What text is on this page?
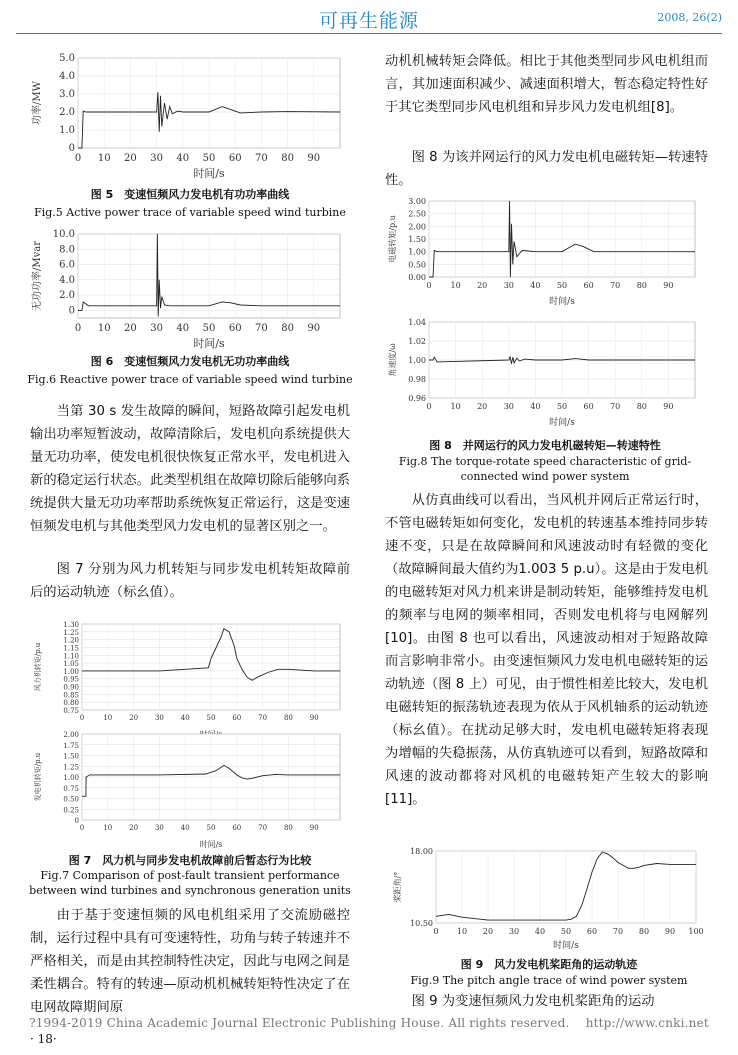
可再生能源	2008, 26(2)
0
1.0
2.0
3.0
4.0
5.0
0 10 20 30 40 50 60 70 80 90
时间/s
功率/MW
图 5　变速恒频风力发电机有功功率曲线
Fig.5 Active power trace of variable speed wind turbine
0
2.0
4.0
6.0
8.0
10.0
0 10 20 30 40 50 60 70 80 90
时间/s
无功功率/Mvar
图 6　变速恒频风力发电机无功功率曲线
Fig.6 Reactive power trace of variable speed wind turbine
当第 30 s 发生故障的瞬间，短路故障引起发电机输出功率短暂波动，故障清除后，发电机向系统提供大量无功功率，使发电机很快恢复正常水平，发电机进入新的稳定运行状态。此类型机组在故障切除后能够向系统提供大量无功功率帮助系统恢复正常运行，这是变速恒频发电机与其他类型风力发电机的显著区别之一。
图 7 分别为风力机转矩与同步发电机转矩故障前后的运动轨迹（标幺值）。
0.75
0.80
0.85
0.90
0.95
1.00
1.05
1.10
1.15
1.20
1.25
1.30
0	10 20 30 40 50 60 70 80 90
风力机转矩/p.u
0
0.25
0.50
0.75
1.00
1.25
1.50
1.75
2.00
0	10 20 30 40 50 60 70 80 90
时间/s
发电机转矩/p.u
图 7　风力机与同步发电机故障前后暂态行为比较
Fig.7 Comparison of post-fault transient performance
between wind turbines and synchronous generation units
由于基于变速恒频的风电机组采用了交流励磁控制，运行过程中具有可变速特性，功角与转子转速并不严格相关，而是由其控制特性决定，因此与电网之间是柔性耦合。特有的转速—原动机机械转矩特性决定了在电网故障期间原
动机机械转矩会降低。相比于其他类型同步风电机组而言，其加速面积减少、减速面积增大，暂态稳定特性好于其它类型同步风电机组和异步风力发电机组[8]。
图 8 为该并网运行的风力发电机电磁转矩—转速特性。
0.00
0.50
1.00
1.50
2.00
2.50
3.00
0 10 20 30 40 50 60 70 80 90
时间/s
电磁转矩/p.u
0.96
0.98
1.00
1.02
1.04
0 10 20 30 40 50 60 70 80 90
时间/s
角速度/ω
图 8　并网运行的风力发电机磁转矩—转速特性
Fig.8 The torque-rotate speed characteristic of grid-
connected wind power system
从仿真曲线可以看出，当风机并网后正常运行时，不管电磁转矩如何变化，发电机的转速基本维持同步转速不变，只是在故障瞬间和风速波动时有轻微的变化（故障瞬间最大值约为1.003 5 p.u）。这是由于发电机的电磁转矩对风力机来讲是制动转矩，能够维持发电机的频率与电网的频率相同，否则发电机将与电网解列[10]。由图 8 也可以看出，风速波动相对于短路故障而言影响非常小。由变速恒频风力发电机电磁转矩的运动轨迹（图 8 上）可见，由于惯性相差比较大，发电机电磁转矩的振荡轨迹表现为依从于风机轴系的运动轨迹（标幺值）。在扰动足够大时，发电机电磁转矩将表现为增幅的失稳振荡，从仿真轨迹可以看到，短路故障和风速的波动都将对风机的电磁转矩产生较大的影响[11]。
10.50
18.00
0 10 20 30 40 50 60 70 80 90 100
时间/s
桨距角/°
图 9　风力发电机桨距角的运动轨迹
Fig.9 The pitch angle trace of wind power system
图 9 为变速恒频风力发电机桨距角的运动
?1994-2019 China Academic Journal Electronic Publishing House. All rights reserved.　 http://www.cnki.net
· 18·
